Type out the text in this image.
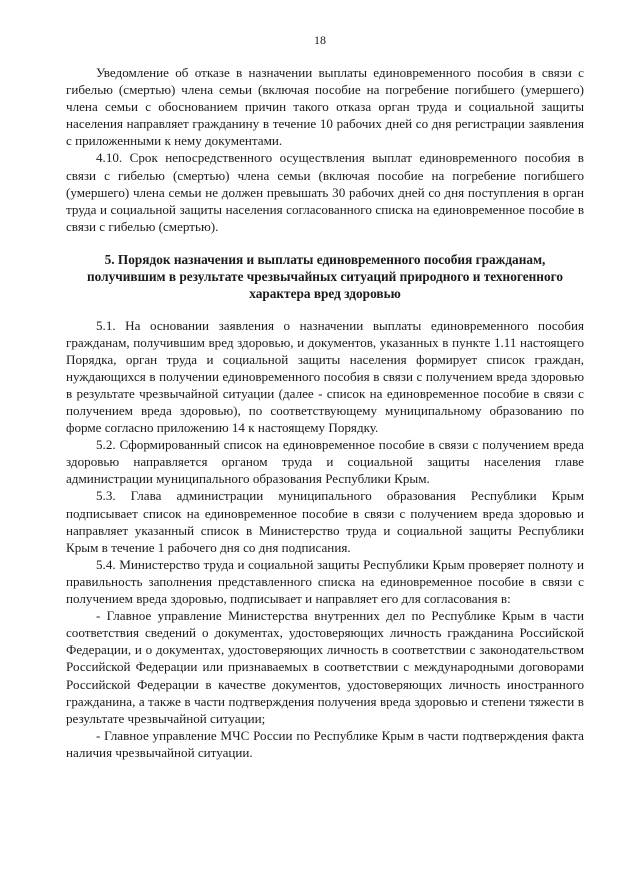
18

Уведомление об отказе в назначении выплаты единовременного пособия в связи с гибелью (смертью) члена семьи (включая пособие на погребение погибшего (умершего) члена семьи с обоснованием причин такого отказа орган труда и социальной защиты населения направляет гражданину в течение 10 рабочих дней со дня регистрации заявления с приложенными к нему документами.

4.10. Срок непосредственного осуществления выплат единовременного пособия в связи с гибелью (смертью) члена семьи (включая пособие на погребение погибшего (умершего) члена семьи не должен превышать 30 рабочих дней со дня поступления в орган труда и социальной защиты населения согласованного списка на единовременное пособие в связи с гибелью (смертью).

5. Порядок назначения и выплаты единовременного пособия гражданам, получившим в результате чрезвычайных ситуаций природного и техногенного характера вред здоровью

5.1. На основании заявления о назначении выплаты единовременного пособия гражданам, получившим вред здоровью, и документов, указанных в пункте 1.11 настоящего Порядка, орган труда и социальной защиты населения формирует список граждан, нуждающихся в получении единовременного пособия в связи с получением вреда здоровью в результате чрезвычайной ситуации (далее - список на единовременное пособие в связи с получением вреда здоровью), по соответствующему муниципальному образованию по форме согласно приложению 14 к настоящему Порядку.

5.2. Сформированный список на единовременное пособие в связи с получением вреда здоровью направляется органом труда и социальной защиты населения главе администрации муниципального образования Республики Крым.

5.3. Глава администрации муниципального образования Республики Крым подписывает список на единовременное пособие в связи с получением вреда здоровью и направляет указанный список в Министерство труда и социальной защиты Республики Крым в течение 1 рабочего дня со дня подписания.

5.4. Министерство труда и социальной защиты Республики Крым проверяет полноту и правильность заполнения представленного списка на единовременное пособие в связи с получением вреда здоровью, подписывает и направляет его для согласования в:

- Главное управление Министерства внутренних дел по Республике Крым в части соответствия сведений о документах, удостоверяющих личность гражданина Российской Федерации, и о документах, удостоверяющих личность в соответствии с законодательством Российской Федерации или признаваемых в соответствии с международными договорами Российской Федерации в качестве документов, удостоверяющих личность иностранного гражданина, а также в части подтверждения получения вреда здоровью и степени тяжести в результате чрезвычайной ситуации;

- Главное управление МЧС России по Республике Крым в части подтверждения факта наличия чрезвычайной ситуации.
